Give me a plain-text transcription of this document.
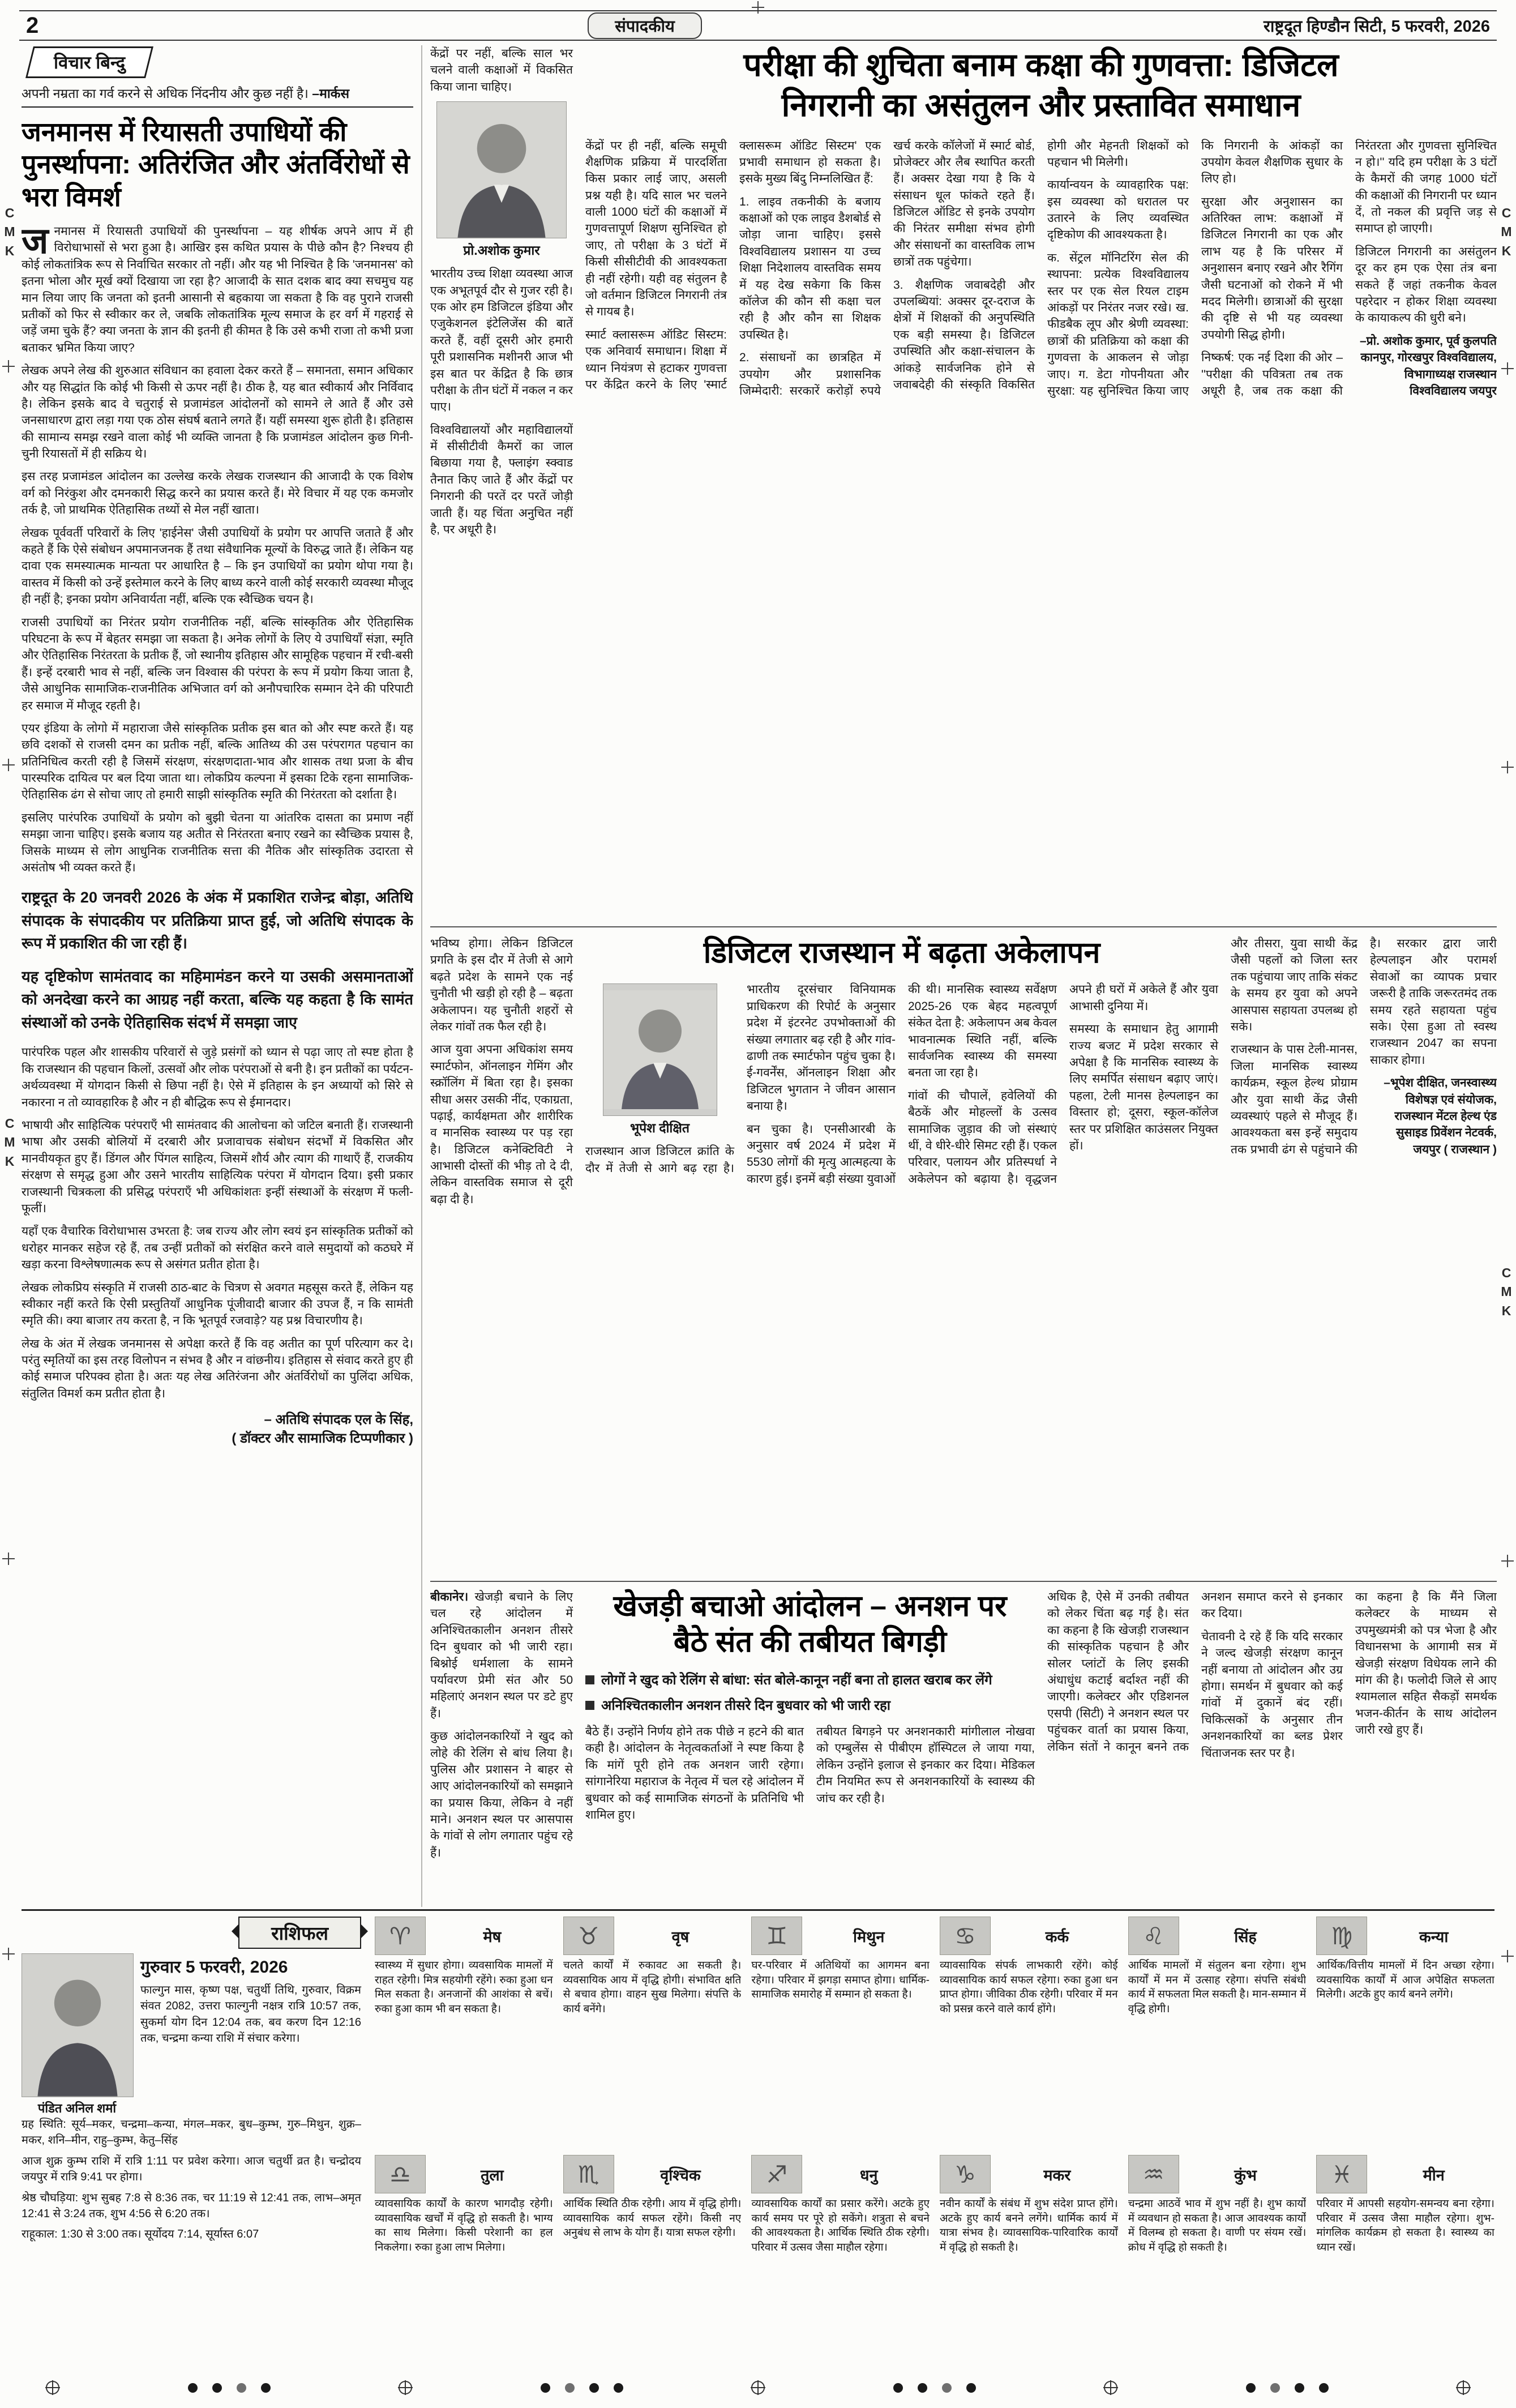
C
M
K
C
M
K
C
M
K
C
M
K
2	संपादकीय	राष्ट्रदूत हिण्डौन सिटी, 5 फरवरी, 2026
विचार बिन्दु
अपनी नम्रता का गर्व करने से अधिक निंदनीय और कुछ नहीं है। –मार्कस
जनमानस में रियासती उपाधियों की पुनर्स्थापना: अतिरंजित और अंतर्विरोधों से भरा विमर्श

ज नमानस में रियासती उपाधियों की पुनर्स्थापना – यह शीर्षक अपने आप में ही विरोधाभासों से भरा हुआ है। आखिर इस कथित प्रयास के पीछे कौन है? निश्चय ही कोई लोकतांत्रिक रूप से निर्वाचित सरकार तो नहीं। और यह भी निश्चित है कि 'जनमानस' को इतना भोला और मूर्ख क्यों दिखाया जा रहा है? आजादी के सात दशक बाद क्या सचमुच यह मान लिया जाए कि जनता को इतनी आसानी से बहकाया जा सकता है कि वह पुराने राजसी प्रतीकों को फिर से स्वीकार कर ले, जबकि लोकतांत्रिक मूल्य समाज के हर वर्ग में गहराई से जड़ें जमा चुके हैं? क्या जनता के ज्ञान की इतनी ही कीमत है कि उसे कभी राजा तो कभी प्रजा बताकर भ्रमित किया जाए?

लेखक अपने लेख की शुरुआत संविधान का हवाला देकर करते हैं – समानता, समान अधिकार और यह सिद्धांत कि कोई भी किसी से ऊपर नहीं है। ठीक है, यह बात स्वीकार्य और निर्विवाद है। लेकिन इसके बाद वे चतुराई से प्रजामंडल आंदोलनों को सामने ले आते हैं और उसे जनसाधारण द्वारा लड़ा गया एक ठोस संघर्ष बताने लगते हैं। यहीं समस्या शुरू होती है। इतिहास की सामान्य समझ रखने वाला कोई भी व्यक्ति जानता है कि प्रजामंडल आंदोलन कुछ गिनी-चुनी रियासतों में ही सक्रिय थे।

इस तरह प्रजामंडल आंदोलन का उल्लेख करके लेखक राजस्थान की आजादी के एक विशेष वर्ग को निरंकुश और दमनकारी सिद्ध करने का प्रयास करते हैं। मेरे विचार में यह एक कमजोर तर्क है, जो प्राथमिक ऐतिहासिक तथ्यों से मेल नहीं खाता।

लेखक पूर्ववर्ती परिवारों के लिए 'हाईनेस' जैसी उपाधियों के प्रयोग पर आपत्ति जताते हैं और कहते हैं कि ऐसे संबोधन अपमानजनक हैं तथा संवैधानिक मूल्यों के विरुद्ध जाते हैं। लेकिन यह दावा एक समस्यात्मक मान्यता पर आधारित है – कि इन उपाधियों का प्रयोग थोपा गया है। वास्तव में किसी को उन्हें इस्तेमाल करने के लिए बाध्य करने वाली कोई सरकारी व्यवस्था मौजूद ही नहीं है; इनका प्रयोग अनिवार्यता नहीं, बल्कि एक स्वैच्छिक चयन है।

राजसी उपाधियों का निरंतर प्रयोग राजनीतिक नहीं, बल्कि सांस्कृतिक और ऐतिहासिक परिघटना के रूप में बेहतर समझा जा सकता है। अनेक लोगों के लिए ये उपाधियाँ संज्ञा, स्मृति और ऐतिहासिक निरंतरता के प्रतीक हैं, जो स्थानीय इतिहास और सामूहिक पहचान में रची-बसी हैं। इन्हें दरबारी भाव से नहीं, बल्कि जन विश्वास की परंपरा के रूप में प्रयोग किया जाता है, जैसे आधुनिक सामाजिक-राजनीतिक अभिजात वर्ग को अनौपचारिक सम्मान देने की परिपाटी हर समाज में मौजूद रहती है।

एयर इंडिया के लोगो में महाराजा जैसे सांस्कृतिक प्रतीक इस बात को और स्पष्ट करते हैं। यह छवि दशकों से राजसी दमन का प्रतीक नहीं, बल्कि आतिथ्य की उस परंपरागत पहचान का प्रतिनिधित्व करती रही है जिसमें संरक्षण, संरक्षणदाता-भाव और शासक तथा प्रजा के बीच पारस्परिक दायित्व पर बल दिया जाता था। लोकप्रिय कल्पना में इसका टिके रहना सामाजिक-ऐतिहासिक ढंग से सोचा जाए तो हमारी साझी सांस्कृतिक स्मृति की निरंतरता को दर्शाता है।

इसलिए पारंपरिक उपाधियों के प्रयोग को बुझी चेतना या आंतरिक दासता का प्रमाण नहीं समझा जाना चाहिए। इसके बजाय यह अतीत से निरंतरता बनाए रखने का स्वैच्छिक प्रयास है, जिसके माध्यम से लोग आधुनिक राजनीतिक सत्ता की नैतिक और सांस्कृतिक उदारता से असंतोष भी व्यक्त करते हैं।

राष्ट्रदूत के 20 जनवरी 2026 के अंक में प्रकाशित राजेन्द्र बोड़ा, अतिथि संपादक के संपादकीय पर प्रतिक्रिया प्राप्त हुई, जो अतिथि संपादक के रूप में प्रकाशित की जा रही हैं।

यह दृष्टिकोण सामंतवाद का महिमामंडन करने या उसकी असमानताओं को अनदेखा करने का आग्रह नहीं करता, बल्कि यह कहता है कि सामंत संस्थाओं को उनके ऐतिहासिक संदर्भ में समझा जाए

पारंपरिक पहल और शासकीय परिवारों से जुड़े प्रसंगों को ध्यान से पढ़ा जाए तो स्पष्ट होता है कि राजस्थान की पहचान किलों, उत्सवों और लोक परंपराओं से बनी है। इन प्रतीकों का पर्यटन-अर्थव्यवस्था में योगदान किसी से छिपा नहीं है। ऐसे में इतिहास के इन अध्यायों को सिरे से नकारना न तो व्यावहारिक है और न ही बौद्धिक रूप से ईमानदार।

भाषायी और साहित्यिक परंपराएँ भी सामंतवाद की आलोचना को जटिल बनाती हैं। राजस्थानी भाषा और उसकी बोलियों में दरबारी और प्रजावाचक संबोधन संदर्भों में विकसित और मानवीयकृत हुए हैं। डिंगल और पिंगल साहित्य, जिसमें शौर्य और त्याग की गाथाएँ हैं, राजकीय संरक्षण से समृद्ध हुआ और उसने भारतीय साहित्यिक परंपरा में योगदान दिया। इसी प्रकार राजस्थानी चित्रकला की प्रसिद्ध परंपराएँ भी अधिकांशतः इन्हीं संस्थाओं के संरक्षण में फली-फूलीं।

यहाँ एक वैचारिक विरोधाभास उभरता है: जब राज्य और लोग स्वयं इन सांस्कृतिक प्रतीकों को धरोहर मानकर सहेज रहे हैं, तब उन्हीं प्रतीकों को संरक्षित करने वाले समुदायों को कठघरे में खड़ा करना विश्लेषणात्मक रूप से असंगत प्रतीत होता है।

लेखक लोकप्रिय संस्कृति में राजसी ठाठ-बाट के चित्रण से अवगत महसूस करते हैं, लेकिन यह स्वीकार नहीं करते कि ऐसी प्रस्तुतियाँ आधुनिक पूंजीवादी बाजार की उपज हैं, न कि सामंती स्मृति की। क्या बाजार तय करता है, न कि भूतपूर्व रजवाड़े? यह प्रश्न विचारणीय है।

लेख के अंत में लेखक जनमानस से अपेक्षा करते हैं कि वह अतीत का पूर्ण परित्याग कर दे। परंतु स्मृतियों का इस तरह विलोपन न संभव है और न वांछनीय। इतिहास से संवाद करते हुए ही कोई समाज परिपक्व होता है। अतः यह लेख अतिरंजना और अंतर्विरोधों का पुलिंदा अधिक, संतुलित विमर्श कम प्रतीत होता है।

– अतिथि संपादक एल के सिंह,
( डॉक्टर और सामाजिक टिप्पणीकार )

केंद्रों पर नहीं, बल्कि साल भर चलने वाली कक्षाओं में विकसित किया जाना चाहिए।

प्रो.अशोक कुमार

भारतीय उच्च शिक्षा व्यवस्था आज एक अभूतपूर्व दौर से गुजर रही है। एक ओर हम डिजिटल इंडिया और एजुकेशनल इंटेलिजेंस की बातें करते हैं, वहीं दूसरी ओर हमारी पूरी प्रशासनिक मशीनरी आज भी इस बात पर केंद्रित है कि छात्र परीक्षा के तीन घंटों में नकल न कर पाए।

विश्वविद्यालयों और महाविद्यालयों में सीसीटीवी कैमरों का जाल बिछाया गया है, फ्लाइंग स्क्वाड तैनात किए जाते हैं और केंद्रों पर निगरानी की परतें दर परतें जोड़ी जाती हैं। यह चिंता अनुचित नहीं है, पर अधूरी है।

परीक्षा की शुचिता बनाम कक्षा की गुणवत्ता: डिजिटल
निगरानी का असंतुलन और प्रस्तावित समाधान

केंद्रों पर ही नहीं, बल्कि समूची शैक्षणिक प्रक्रिया में पारदर्शिता किस प्रकार लाई जाए, असली प्रश्न यही है। यदि साल भर चलने वाली 1000 घंटों की कक्षाओं में गुणवत्तापूर्ण शिक्षण सुनिश्चित हो जाए, तो परीक्षा के 3 घंटों में किसी सीसीटीवी की आवश्यकता ही नहीं रहेगी। यही वह संतुलन है जो वर्तमान डिजिटल निगरानी तंत्र से गायब है।

स्मार्ट क्लासरूम ऑडिट सिस्टम: एक अनिवार्य समाधान। शिक्षा में ध्यान नियंत्रण से हटाकर गुणवत्ता पर केंद्रित करने के लिए 'स्मार्ट क्लासरूम ऑडिट सिस्टम' एक प्रभावी समाधान हो सकता है। इसके मुख्य बिंदु निम्नलिखित हैं:

1. लाइव तकनीकी के बजाय कक्षाओं को एक लाइव डैशबोर्ड से जोड़ा जाना चाहिए। इससे विश्वविद्यालय प्रशासन या उच्च शिक्षा निदेशालय वास्तविक समय में यह देख सकेगा कि किस कॉलेज की कौन सी कक्षा चल रही है और कौन सा शिक्षक उपस्थित है।

2. संसाधनों का छात्रहित में उपयोग और प्रशासनिक जिम्मेदारी: सरकारें करोड़ों रुपये खर्च करके कॉलेजों में स्मार्ट बोर्ड, प्रोजेक्टर और लैब स्थापित करती हैं। अक्सर देखा गया है कि ये संसाधन धूल फांकते रहते हैं। डिजिटल ऑडिट से इनके उपयोग की निरंतर समीक्षा संभव होगी और संसाधनों का वास्तविक लाभ छात्रों तक पहुंचेगा।

3. शैक्षणिक जवाबदेही और उपलब्धियां: अक्सर दूर-दराज के क्षेत्रों में शिक्षकों की अनुपस्थिति एक बड़ी समस्या है। डिजिटल उपस्थिति और कक्षा-संचालन के आंकड़े सार्वजनिक होने से जवाबदेही की संस्कृति विकसित होगी और मेहनती शिक्षकों को पहचान भी मिलेगी।

कार्यान्वयन के व्यावहारिक पक्ष: इस व्यवस्था को धरातल पर उतारने के लिए व्यवस्थित दृष्टिकोण की आवश्यकता है।

क. सेंट्रल मॉनिटरिंग सेल की स्थापना: प्रत्येक विश्वविद्यालय स्तर पर एक सेल रियल टाइम आंकड़ों पर निरंतर नजर रखे। ख. फीडबैक लूप और श्रेणी व्यवस्था: छात्रों की प्रतिक्रिया को कक्षा की गुणवत्ता के आकलन से जोड़ा जाए। ग. डेटा गोपनीयता और सुरक्षा: यह सुनिश्चित किया जाए कि निगरानी के आंकड़ों का उपयोग केवल शैक्षणिक सुधार के लिए हो।

सुरक्षा और अनुशासन का अतिरिक्त लाभ: कक्षाओं में डिजिटल निगरानी का एक और लाभ यह है कि परिसर में अनुशासन बनाए रखने और रैगिंग जैसी घटनाओं को रोकने में भी मदद मिलेगी। छात्राओं की सुरक्षा की दृष्टि से भी यह व्यवस्था उपयोगी सिद्ध होगी।

निष्कर्ष: एक नई दिशा की ओर – ''परीक्षा की पवित्रता तब तक अधूरी है, जब तक कक्षा की निरंतरता और गुणवत्ता सुनिश्चित न हो।'' यदि हम परीक्षा के 3 घंटों के कैमरों की जगह 1000 घंटों की कक्षाओं की निगरानी पर ध्यान दें, तो नकल की प्रवृत्ति जड़ से समाप्त हो जाएगी।

डिजिटल निगरानी का असंतुलन दूर कर हम एक ऐसा तंत्र बना सकते हैं जहां तकनीक केवल पहरेदार न होकर शिक्षा व्यवस्था के कायाकल्प की धुरी बने।

–प्रो. अशोक कुमार, पूर्व कुलपति कानपुर, गोरखपुर विश्वविद्यालय, विभागाध्यक्ष राजस्थान विश्वविद्यालय जयपुर

भविष्य होगा। लेकिन डिजिटल प्रगति के इस दौर में तेजी से आगे बढ़ते प्रदेश के सामने एक नई चुनौती भी खड़ी हो रही है – बढ़ता अकेलापन। यह चुनौती शहरों से लेकर गांवों तक फैल रही है।

आज युवा अपना अधिकांश समय स्मार्टफोन, ऑनलाइन गेमिंग और स्क्रॉलिंग में बिता रहा है। इसका सीधा असर उसकी नींद, एकाग्रता, पढ़ाई, कार्यक्षमता और शारीरिक व मानसिक स्वास्थ्य पर पड़ रहा है। डिजिटल कनेक्टिविटी ने आभासी दोस्तों की भीड़ तो दे दी, लेकिन वास्तविक समाज से दूरी बढ़ा दी है।

डिजिटल राजस्थान में बढ़ता अकेलापन
भूपेश दीक्षित

राजस्थान आज डिजिटल क्रांति के दौर में तेजी से आगे बढ़ रहा है। भारतीय दूरसंचार विनियामक प्राधिकरण की रिपोर्ट के अनुसार प्रदेश में इंटरनेट उपभोक्ताओं की संख्या लगातार बढ़ रही है और गांव-ढाणी तक स्मार्टफोन पहुंच चुका है। ई-गवर्नेंस, ऑनलाइन शिक्षा और डिजिटल भुगतान ने जीवन आसान बनाया है।

बन चुका है। एनसीआरबी के अनुसार वर्ष 2024 में प्रदेश में 5530 लोगों की मृत्यु आत्महत्या के कारण हुई। इनमें बड़ी संख्या युवाओं की थी। मानसिक स्वास्थ्य सर्वेक्षण 2025-26 एक बेहद महत्वपूर्ण संकेत देता है: अकेलापन अब केवल भावनात्मक स्थिति नहीं, बल्कि सार्वजनिक स्वास्थ्य की समस्या बनता जा रहा है।

गांवों की चौपालें, हवेलियों की बैठकें और मोहल्लों के उत्सव सामाजिक जुड़ाव की जो संस्थाएं थीं, वे धीरे-धीरे सिमट रही हैं। एकल परिवार, पलायन और प्रतिस्पर्धा ने अकेलेपन को बढ़ाया है। वृद्धजन अपने ही घरों में अकेले हैं और युवा आभासी दुनिया में।

समस्या के समाधान हेतु आगामी राज्य बजट में प्रदेश सरकार से अपेक्षा है कि मानसिक स्वास्थ्य के लिए समर्पित संसाधन बढ़ाए जाएं। पहला, टेली मानस हेल्पलाइन का विस्तार हो; दूसरा, स्कूल-कॉलेज स्तर पर प्रशिक्षित काउंसलर नियुक्त हों।

और तीसरा, युवा साथी केंद्र जैसी पहलों को जिला स्तर तक पहुंचाया जाए ताकि संकट के समय हर युवा को अपने आसपास सहायता उपलब्ध हो सके।

राजस्थान के पास टेली-मानस, जिला मानसिक स्वास्थ्य कार्यक्रम, स्कूल हेल्थ प्रोग्राम और युवा साथी केंद्र जैसी व्यवस्थाएं पहले से मौजूद हैं। आवश्यकता बस इन्हें समुदाय तक प्रभावी ढंग से पहुंचाने की है। सरकार द्वारा जारी हेल्पलाइन और परामर्श सेवाओं का व्यापक प्रचार जरूरी है ताकि जरूरतमंद तक समय रहते सहायता पहुंच सके। ऐसा हुआ तो स्वस्थ राजस्थान 2047 का सपना साकार होगा।

–भूपेश दीक्षित, जनस्वास्थ्य विशेषज्ञ एवं संयोजक, राजस्थान मेंटल हेल्थ एंड सुसाइड प्रिवेंशन नेटवर्क, जयपुर ( राजस्थान )

बीकानेर। खेजड़ी बचाने के लिए चल रहे आंदोलन में अनिश्चितकालीन अनशन तीसरे दिन बुधवार को भी जारी रहा। बिश्नोई धर्मशाला के सामने पर्यावरण प्रेमी संत और 50 महिलाएं अनशन स्थल पर डटे हुए हैं।

कुछ आंदोलनकारियों ने खुद को लोहे की रेलिंग से बांध लिया है। पुलिस और प्रशासन ने बाहर से आए आंदोलनकारियों को समझाने का प्रयास किया, लेकिन वे नहीं माने। अनशन स्थल पर आसपास के गांवों से लोग लगातार पहुंच रहे हैं।

खेजड़ी बचाओ आंदोलन – अनशन पर
बैठे संत की तबीयत बिगड़ी
लोगों ने खुद को रेलिंग से बांधा: संत बोले-कानून नहीं बना तो हालत खराब कर लेंगे
अनिश्चितकालीन अनशन तीसरे दिन बुधवार को भी जारी रहा

बैठे हैं। उन्होंने निर्णय होने तक पीछे न हटने की बात कही है। आंदोलन के नेतृत्वकर्ताओं ने स्पष्ट किया है कि मांगें पूरी होने तक अनशन जारी रहेगा। सांगानेरिया महाराज के नेतृत्व में चल रहे आंदोलन में बुधवार को कई सामाजिक संगठनों के प्रतिनिधि भी शामिल हुए।

तबीयत बिगड़ने पर अनशनकारी मांगीलाल नोखवा को एम्बुलेंस से पीबीएम हॉस्पिटल ले जाया गया, लेकिन उन्होंने इलाज से इनकार कर दिया। मेडिकल टीम नियमित रूप से अनशनकारियों के स्वास्थ्य की जांच कर रही है।

अधिक है, ऐसे में उनकी तबीयत को लेकर चिंता बढ़ गई है। संत का कहना है कि खेजड़ी राजस्थान की सांस्कृतिक पहचान है और सोलर प्लांटों के लिए इसकी अंधाधुंध कटाई बर्दाश्त नहीं की जाएगी। कलेक्टर और एडिशनल एसपी (सिटी) ने अनशन स्थल पर पहुंचकर वार्ता का प्रयास किया, लेकिन संतों ने कानून बनने तक अनशन समाप्त करने से इनकार कर दिया।

चेतावनी दे रहे हैं कि यदि सरकार ने जल्द खेजड़ी संरक्षण कानून नहीं बनाया तो आंदोलन और उग्र होगा। समर्थन में बुधवार को कई गांवों में दुकानें बंद रहीं। चिकित्सकों के अनुसार तीन अनशनकारियों का ब्लड प्रेशर चिंताजनक स्तर पर है।

का कहना है कि मैंने जिला कलेक्टर के माध्यम से उपमुख्यमंत्री को पत्र भेजा है और विधानसभा के आगामी सत्र में खेजड़ी संरक्षण विधेयक लाने की मांग की है। फलोदी जिले से आए श्यामलाल सहित सैकड़ों समर्थक भजन-कीर्तन के साथ आंदोलन जारी रखे हुए हैं।

राशिफल
पंडित अनिल शर्मा
गुरुवार 5 फरवरी, 2026
फाल्गुन मास, कृष्ण पक्ष, चतुर्थी तिथि, गुरुवार, विक्रम संवत 2082, उत्तरा फाल्गुनी नक्षत्र रात्रि 10:57 तक, सुकर्मा योग दिन 12:04 तक, बव करण दिन 12:16 तक, चन्द्रमा कन्या राशि में संचार करेगा।

ग्रह स्थिति: सूर्य–मकर, चन्द्रमा–कन्या, मंगल–मकर, बुध–कुम्भ, गुरु–मिथुन, शुक्र–मकर, शनि–मीन, राहु–कुम्भ, केतु–सिंह

आज शुक्र कुम्भ राशि में रात्रि 1:11 पर प्रवेश करेगा। आज चतुर्थी व्रत है। चन्द्रोदय जयपुर में रात्रि 9:41 पर होगा।

श्रेष्ठ चौघड़िया: शुभ सुबह 7:8 से 8:36 तक, चर 11:19 से 12:41 तक, लाभ–अमृत 12:41 से 3:24 तक, शुभ 4:56 से 6:20 तक।

राहूकाल: 1:30 से 3:00 तक। सूर्योदय 7:14, सूर्यास्त 6:07

♈	मेष
स्वास्थ्य में सुधार होगा। व्यवसायिक मामलों में राहत रहेगी। मित्र सहयोगी रहेंगे। रुका हुआ धन मिल सकता है। अनजानों की आशंका से बचें। रुका हुआ काम भी बन सकता है।
♉	वृष
चलते कार्यों में रुकावट आ सकती है। व्यवसायिक आय में वृद्धि होगी। संभावित क्षति से बचाव होगा। वाहन सुख मिलेगा। संपत्ति के कार्य बनेंगे।
♊	मिथुन
घर-परिवार में अतिथियों का आगमन बना रहेगा। परिवार में झगड़ा समाप्त होगा। धार्मिक-सामाजिक समारोह में सम्मान हो सकता है।
♋	कर्क
व्यावसायिक संपर्क लाभकारी रहेंगे। कोई व्यावसायिक कार्य सफल रहेगा। रुका हुआ धन प्राप्त होगा। जीविका ठीक रहेगी। परिवार में मन को प्रसन्न करने वाले कार्य होंगे।
♌	सिंह
आर्थिक मामलों में संतुलन बना रहेगा। शुभ कार्यों में मन में उत्साह रहेगा। संपत्ति संबंधी कार्य में सफलता मिल सकती है। मान-सम्मान में वृद्धि होगी।
♍	कन्या
आर्थिक/वित्तीय मामलों में दिन अच्छा रहेगा। व्यवसायिक कार्यों में आज अपेक्षित सफलता मिलेगी। अटके हुए कार्य बनने लगेंगे।
♎	तुला
व्यावसायिक कार्यों के कारण भागदौड़ रहेगी। व्यावसायिक खर्चों में वृद्धि हो सकती है। भाग्य का साथ मिलेगा। किसी परेशानी का हल निकलेगा। रुका हुआ लाभ मिलेगा।
♏	वृश्चिक
आर्थिक स्थिति ठीक रहेगी। आय में वृद्धि होगी। व्यावसायिक कार्य सफल रहेंगे। किसी नए अनुबंध से लाभ के योग हैं। यात्रा सफल रहेगी।
♐	धनु
व्यावसायिक कार्यों का प्रसार करेंगे। अटके हुए कार्य समय पर पूरे हो सकेंगे। शत्रुता से बचने की आवश्यकता है। आर्थिक स्थिति ठीक रहेगी। परिवार में उत्सव जैसा माहौल रहेगा।
♑	मकर
नवीन कार्यों के संबंध में शुभ संदेश प्राप्त होंगे। अटके हुए कार्य बनने लगेंगे। धार्मिक कार्य में यात्रा संभव है। व्यावसायिक-पारिवारिक कार्यों में वृद्धि हो सकती है।
♒	कुंभ
चन्द्रमा आठवें भाव में शुभ नहीं है। शुभ कार्यों में व्यवधान हो सकता है। आज आवश्यक कार्यों में विलम्ब हो सकता है। वाणी पर संयम रखें। क्रोध में वृद्धि हो सकती है।
♓	मीन
परिवार में आपसी सहयोग-समन्वय बना रहेगा। परिवार में उत्सव जैसा माहौल रहेगा। शुभ-मांगलिक कार्यक्रम हो सकता है। स्वास्थ्य का ध्यान रखें।
